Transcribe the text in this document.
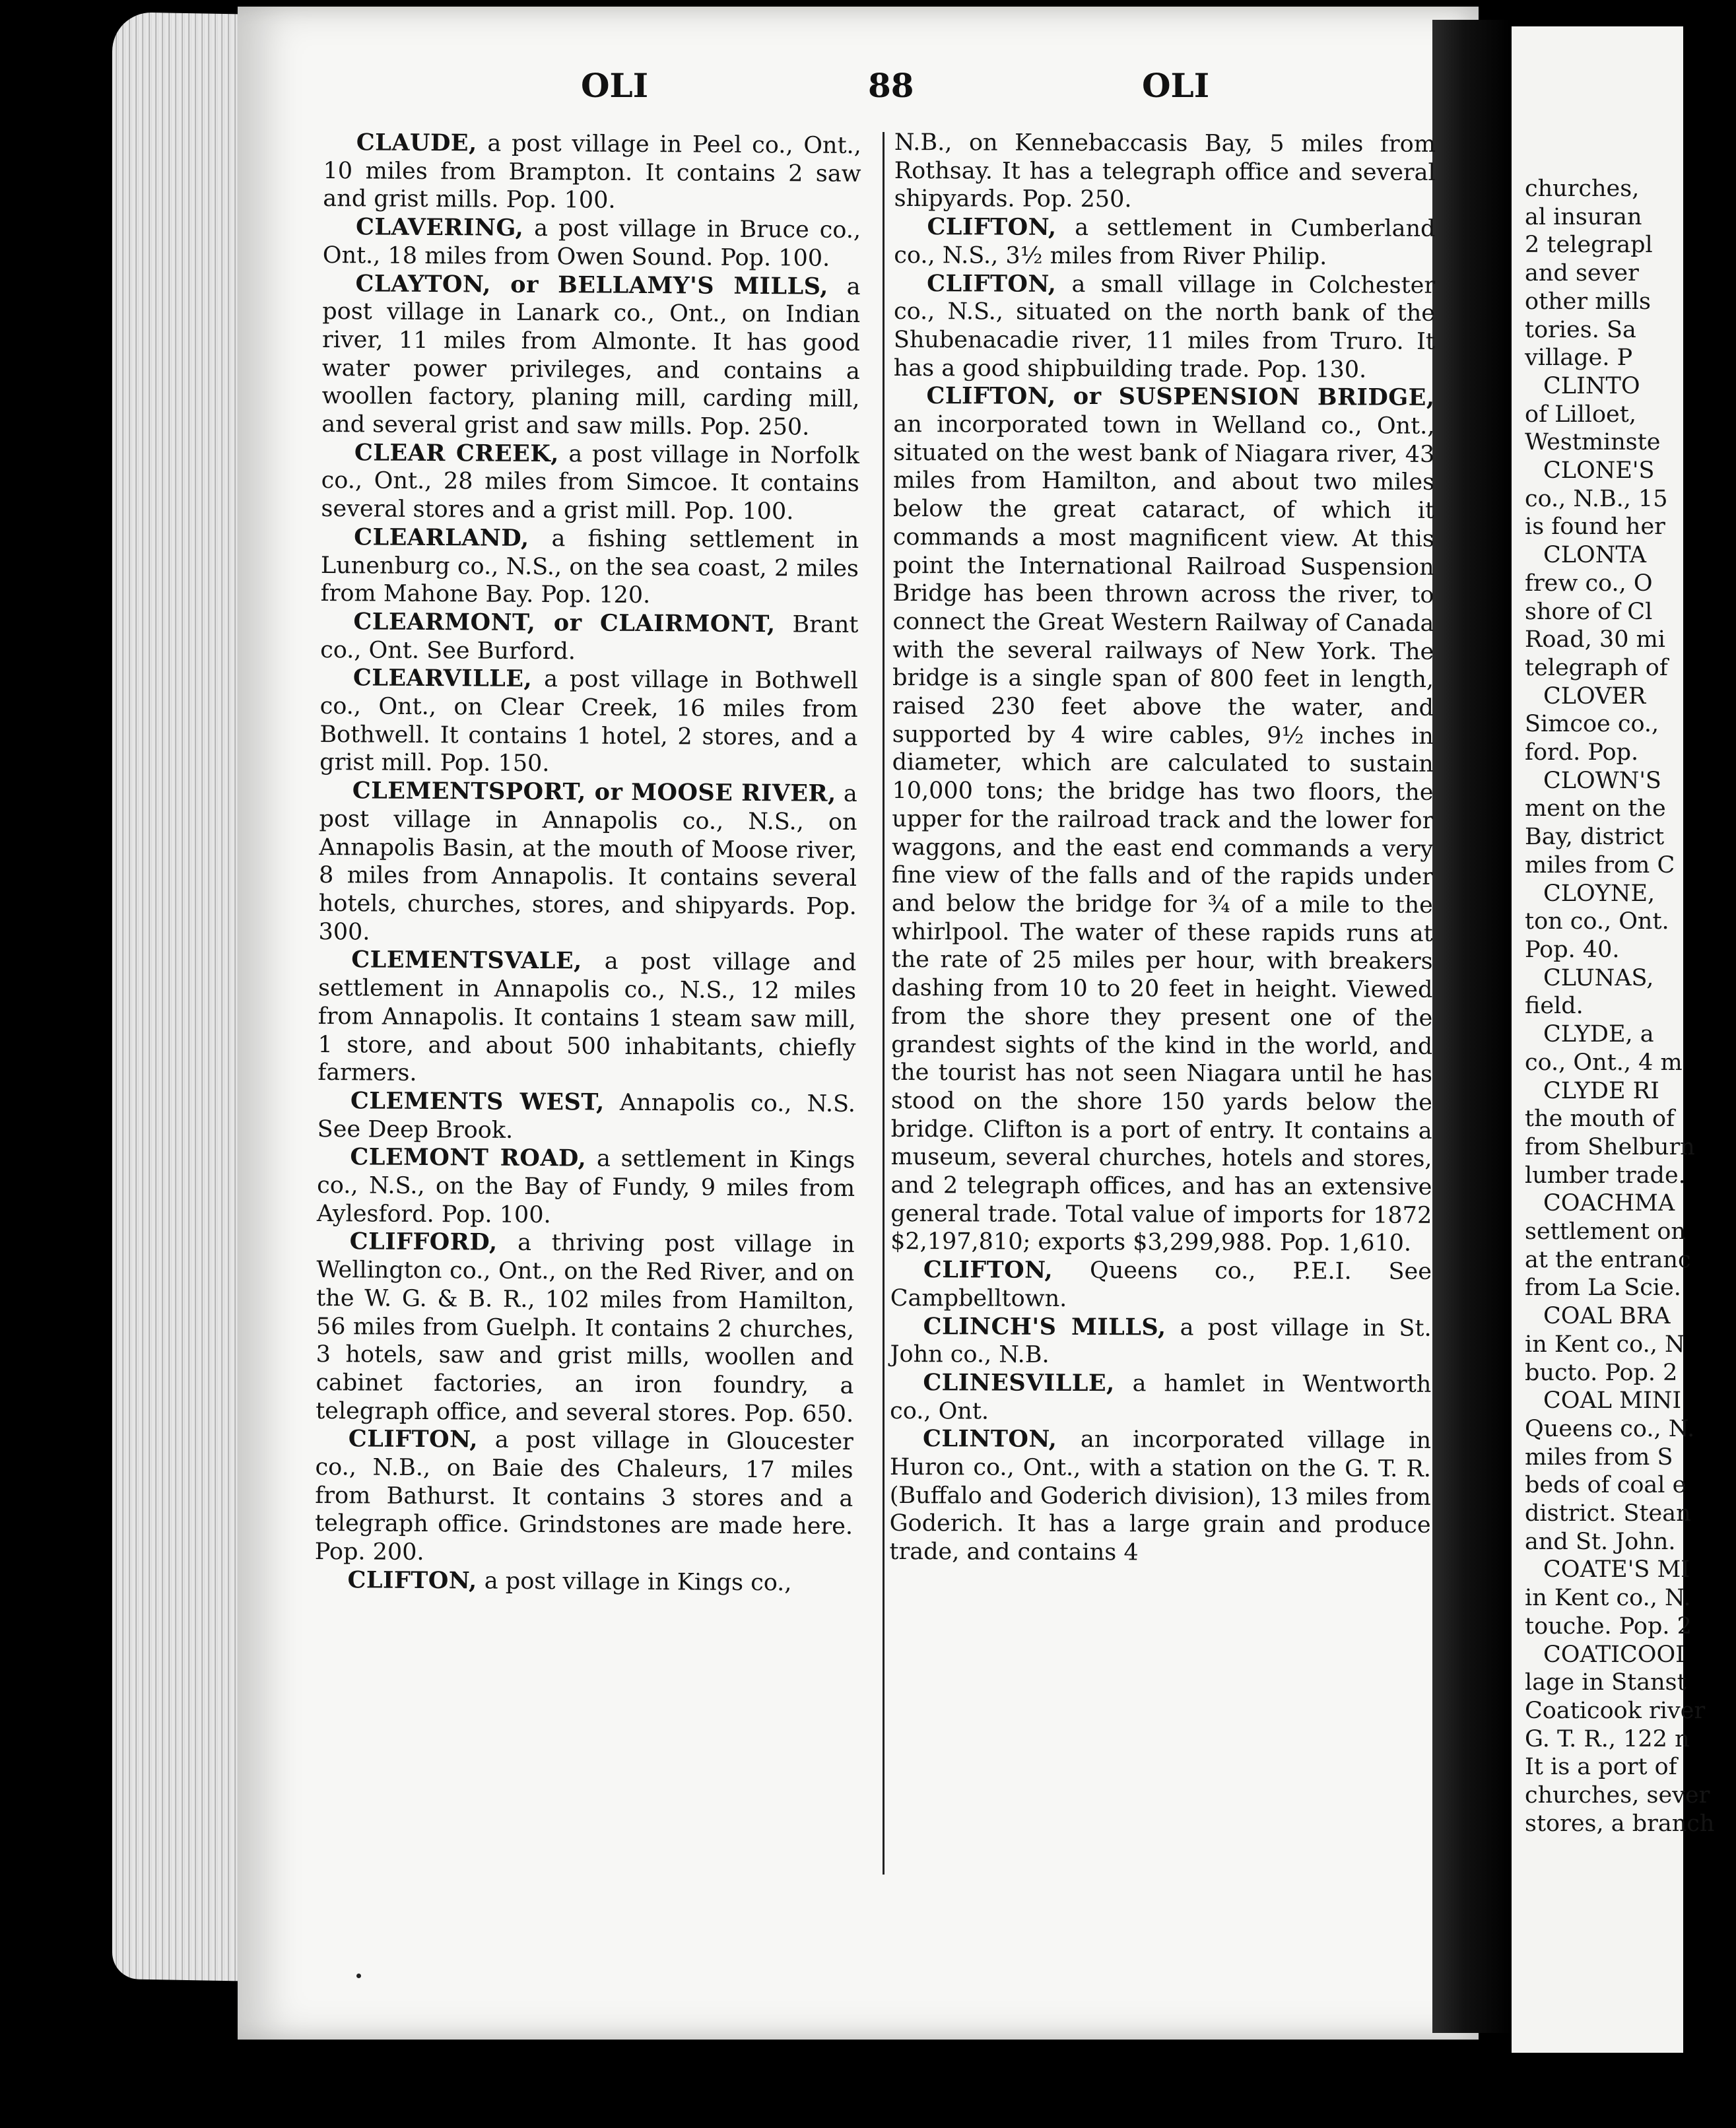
churches,
al insuran
2 telegrapl
and sever
other mills
tories. Sa
village. P
CLINTO
of Lilloet,
Westminste
CLONE'S
co., N.B., 15
is found her
CLONTA
frew co., O
shore of Cl
Road, 30 mi
telegraph of
CLOVER
Simcoe co.,
ford. Pop.
CLOWN'S
ment on the
Bay, district
miles from C
CLOYNE,
ton co., Ont.
Pop. 40.
CLUNAS,
field.
CLYDE, a
co., Ont., 4 m
CLYDE RI
the mouth of
from Shelburn
lumber trade.
COACHMA
settlement on
at the entranc
from La Scie.
COAL BRA
in Kent co., N
bucto. Pop. 2
COAL MINI
Queens co., N.
miles from S
beds of coal e
district. Stean
and St. John.
COATE'S MI
in Kent co., N.
touche. Pop. 2
COATICOOI
lage in Stanst
Coaticook river
G. T. R., 122 n
It is a port of
churches, sever
stores, a branch
OLI	88	OLI

CLAUDE, a post village in Peel co., Ont., 10 miles from Brampton. It contains 2 saw and grist mills. Pop. 100.

CLAVERING, a post village in Bruce co., Ont., 18 miles from Owen Sound. Pop. 100.

CLAYTON, or BELLAMY'S MILLS, a post village in Lanark co., Ont., on Indian river, 11 miles from Almonte. It has good water power privileges, and contains a woollen factory, planing mill, carding mill, and several grist and saw mills. Pop. 250.

CLEAR CREEK, a post village in Norfolk co., Ont., 28 miles from Simcoe. It contains several stores and a grist mill. Pop. 100.

CLEARLAND, a fishing settlement in Lunenburg co., N.S., on the sea coast, 2 miles from Mahone Bay. Pop. 120.

CLEARMONT, or CLAIRMONT, Brant co., Ont. See Burford.

CLEARVILLE, a post village in Bothwell co., Ont., on Clear Creek, 16 miles from Bothwell. It contains 1 hotel, 2 stores, and a grist mill. Pop. 150.

CLEMENTSPORT, or MOOSE RIVER, a post village in Annapolis co., N.S., on Annapolis Basin, at the mouth of Moose river, 8 miles from Annapolis. It contains several hotels, churches, stores, and shipyards. Pop. 300.

CLEMENTSVALE, a post village and settlement in Annapolis co., N.S., 12 miles from Annapolis. It contains 1 steam saw mill, 1 store, and about 500 inhabitants, chiefly farmers.

CLEMENTS WEST, Annapolis co., N.S. See Deep Brook.

CLEMONT ROAD, a settlement in Kings co., N.S., on the Bay of Fundy, 9 miles from Aylesford. Pop. 100.

CLIFFORD, a thriving post village in Wellington co., Ont., on the Red River, and on the W. G. & B. R., 102 miles from Hamilton, 56 miles from Guelph. It contains 2 churches, 3 hotels, saw and grist mills, woollen and cabinet factories, an iron foundry, a telegraph office, and several stores. Pop. 650.

CLIFTON, a post village in Gloucester co., N.B., on Baie des Chaleurs, 17 miles from Bathurst. It contains 3 stores and a telegraph office. Grindstones are made here. Pop. 200.

CLIFTON, a post village in Kings co.,

N.B., on Kennebaccasis Bay, 5 miles from Rothsay. It has a telegraph office and several shipyards. Pop. 250.

CLIFTON, a settlement in Cumberland co., N.S., 3½ miles from River Philip.

CLIFTON, a small village in Colchester co., N.S., situated on the north bank of the Shubenacadie river, 11 miles from Truro. It has a good shipbuilding trade. Pop. 130.

CLIFTON, or SUSPENSION BRIDGE, an incorporated town in Welland co., Ont., situated on the west bank of Niagara river, 43 miles from Hamilton, and about two miles below the great cataract, of which it commands a most magnificent view. At this point the International Railroad Suspension Bridge has been thrown across the river, to connect the Great Western Railway of Canada with the several railways of New York. The bridge is a single span of 800 feet in length, raised 230 feet above the water, and supported by 4 wire cables, 9½ inches in diameter, which are calculated to sustain 10,000 tons; the bridge has two floors, the upper for the railroad track and the lower for waggons, and the east end commands a very fine view of the falls and of the rapids under and below the bridge for ¾ of a mile to the whirlpool. The water of these rapids runs at the rate of 25 miles per hour, with breakers dashing from 10 to 20 feet in height. Viewed from the shore they present one of the grandest sights of the kind in the world, and the tourist has not seen Niagara until he has stood on the shore 150 yards below the bridge. Clifton is a port of entry. It contains a museum, several churches, hotels and stores, and 2 telegraph offices, and has an extensive general trade. Total value of imports for 1872 $2,197,810; exports $3,299,988. Pop. 1,610.

CLIFTON, Queens co., P.E.I. See Campbelltown.

CLINCH'S MILLS, a post village in St. John co., N.B.

CLINESVILLE, a hamlet in Wentworth co., Ont.

CLINTON, an incorporated village in Huron co., Ont., with a station on the G. T. R. (Buffalo and Goderich division), 13 miles from Goderich. It has a large grain and produce trade, and contains 4
